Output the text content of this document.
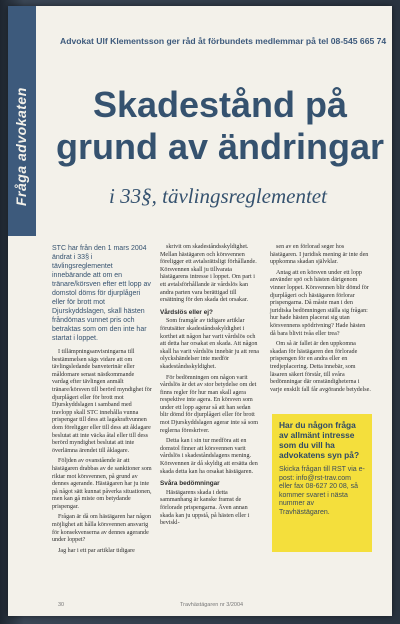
Fråga advokaten
Advokat Ulf Klementsson ger råd åt förbundets medlemmar på tel 08-545 665 74
Skadestånd på grund av ändringar
i 33§, tävlingsreglementet
STC har från den 1 mars 2004 ändrat i 33§ i tävlingsreglementet innebärande att om en tränare/körsven efter ett lopp av domstol döms för djurplågeri eller för brott mot Djurskyddslagen, skall hästen fråndömas vunnet pris och betraktas som om den inte har startat i loppet.

I tillämpningsanvisningarna till bestämmelsen sägs vidare att om tävlingsledande banveterinär eller måldomare senast nästkommande vardag efter tävlingen anmält tränare/körsven till berörd myndighet för djurplågeri eller för brott mot Djurskyddslagen i samband med travlopp skall STC innehålla vunna prispengar till dess att lagakraftvunnen dom föreligger eller till dess att åklagare beslutat att inte väcka åtal eller till dess berörd myndighet beslutat att inte överlämna ärendet till åklagare.

Följden av ovanstående är att hästägaren drabbas av de sanktioner som riktar mot körsvennen, på grund av dennes agerande. Hästägaren har ju inte på något sätt kunnat påverka situationen, men kan gå miste om betydande prispengar.

Frågan är då om hästägaren har någon möjlighet att hålla körsvennen ansvarig för konsekvenserna av dennes agerande under loppet?

Jag har i ett par artiklar tidigare

skrivit om skadeståndsskyldighet. Mellan hästägaren och körsvennen föreligger ett avtalsrättsligt förhållande. Körsvennen skall ju tillvarata hästägarens intresse i loppet. Om part i ett avtalsförhållande är vårdslös kan andra parten vara berättigad till ersättning för den skada det orsakar.

Vårdslös eller ej?

Som framgår av tidigare artiklar förutsätter skadeståndsskyldighet i korthet att någon har varit vårdslös och att detta har orsakat en skada. Att någon skall ha varit vårdslös innebär ju att rena olyckshändelser inte medför skadeståndsskyldighet.

För bedömningen om någon varit vårdslös är det av stor betydelse om det finns regler för hur man skall agera respektive inte agera. En körsven som under ett lopp agerar så att han sedan blir dömd för djurplågeri eller för brott mot Djurskyddslagen agerar inte så som reglerna föreskriver.

Detta kan i sin tur medföra att en domstol finner att körsvennen varit vårdslös i skadeståndslagens mening. Körsvennen är då skyldig att ersätta den skada detta kan ha orsakat hästägaren.

Svåra bedömningar

Hästägarens skada i detta sammanhang är kanske framst de förlorade prispengarna. Även annan skada kan ju uppstå, på hästen eller i beviskl-

sen av en förlorad seger hos hästägaren. I juridisk mening är inte den uppkomna skadan självklar.

Antag att en körsven under ett lopp använder spö och hästen därigenom vinner loppet. Körsvennen blir dömd för djurplågeri och hästägaren förlorar prispengarna. Då måste man i den juridiska bedömningen ställa sig frågan: hur hade hästen placerat sig utan körsvennens spödrivning? Hade hästen då bara blivit tvåa eller trea?

Om så är fallet är den uppkomna skadan för hästägaren den förlorade prispengen för en andra eller en tredjeplacering. Detta innebär, som läsaren säkert förstår, till svåra bedömningar där omständigheterna i varje enskilt fall får avgörande betydelse.

Har du någon fråga av allmänt intresse som du vill ha advokatens syn på?
Skicka frågan till RST via e-post: info@rst-trav.com eller fax 08-627 20 08, så kommer svaret i nästa nummer av Travhästägaren.
30	Travhästägaren nr 3/2004
